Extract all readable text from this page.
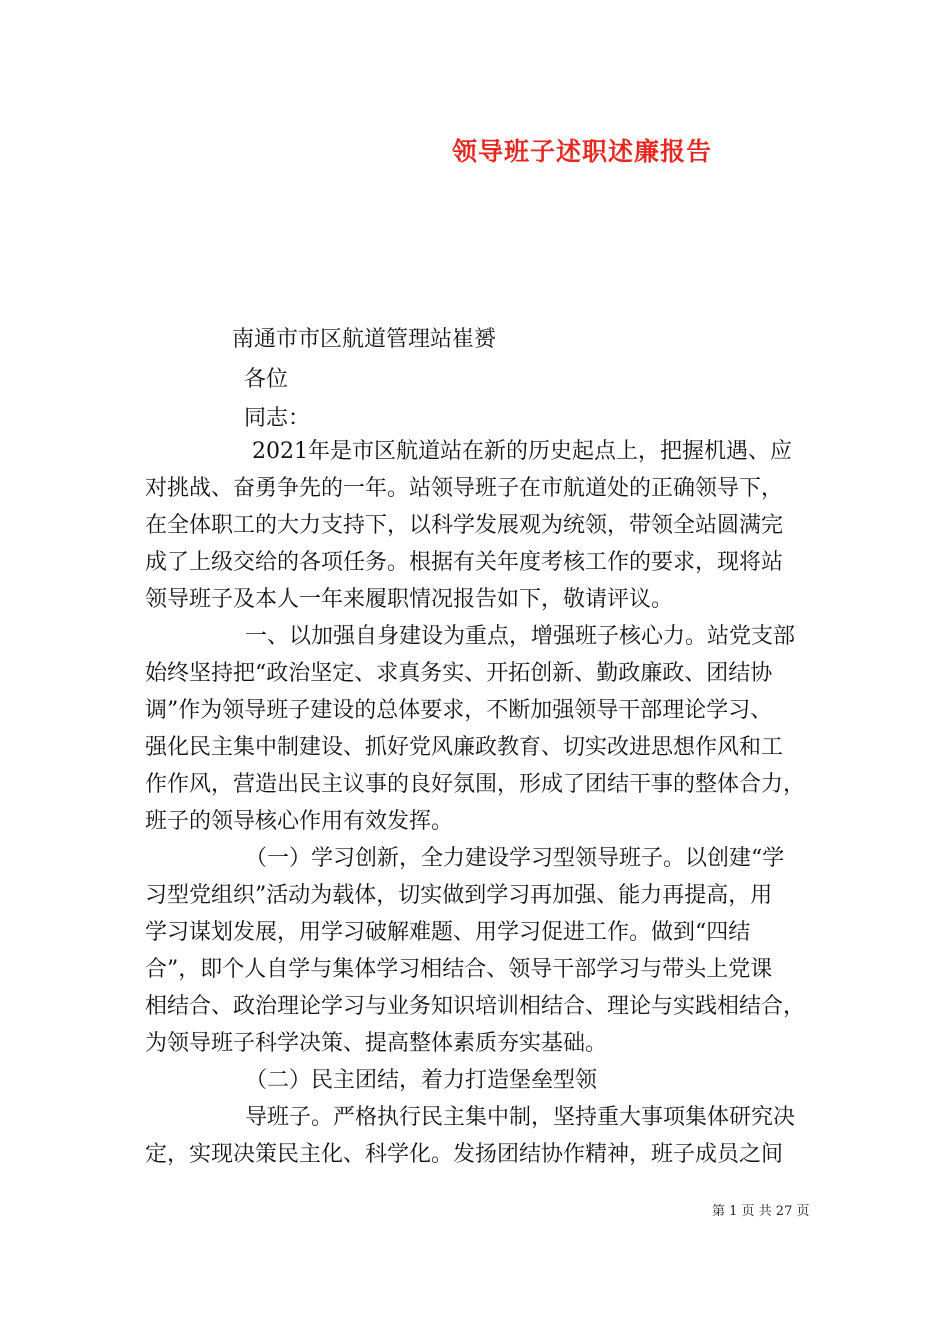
领导班子述职述廉报告
南通市市区航道管理站崔赟
各位
同志：
2021年是市区航道站在新的历史起点上，把握机遇、应
对挑战、奋勇争先的一年。站领导班子在市航道处的正确领导下，
在全体职工的大力支持下，以科学发展观为统领，带领全站圆满完
成了上级交给的各项任务。根据有关年度考核工作的要求，现将站
领导班子及本人一年来履职情况报告如下，敬请评议。
一、以加强自身建设为重点，增强班子核心力。站党支部
始终坚持把“政治坚定、求真务实、开拓创新、勤政廉政、团结协
调”作为领导班子建设的总体要求，不断加强领导干部理论学习、
强化民主集中制建设、抓好党风廉政教育、切实改进思想作风和工
作作风，营造出民主议事的良好氛围，形成了团结干事的整体合力，
班子的领导核心作用有效发挥。
（一）学习创新，全力建设学习型领导班子。以创建“学
习型党组织”活动为载体，切实做到学习再加强、能力再提高，用
学习谋划发展，用学习破解难题、用学习促进工作。做到“四结
合”，即个人自学与集体学习相结合、领导干部学习与带头上党课
相结合、政治理论学习与业务知识培训相结合、理论与实践相结合，
为领导班子科学决策、提高整体素质夯实基础。
（二）民主团结，着力打造堡垒型领
导班子。严格执行民主集中制，坚持重大事项集体研究决
定，实现决策民主化、科学化。发扬团结协作精神，班子成员之间
第 1 页 共 27 页
